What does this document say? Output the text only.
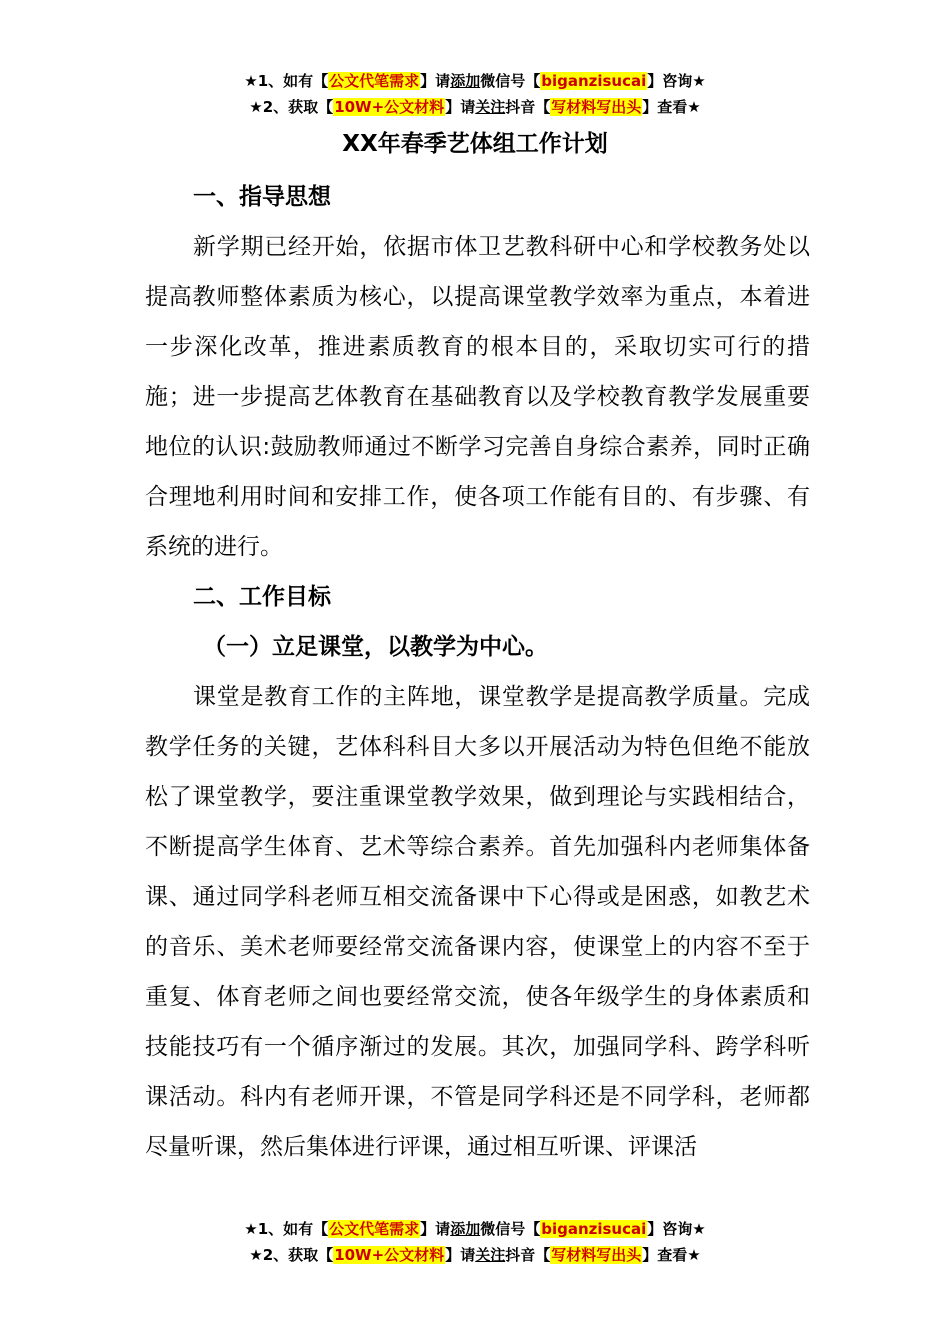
★1、如有【公文代笔需求】请添加微信号【biganzisucai】咨询★
★2、获取【10W+公文材料】请关注抖音【写材料写出头】查看★
XX年春季艺体组工作计划

一、指导思想

新学期已经开始，依据市体卫艺教科研中心和学校教务处以提高教师整体素质为核心，以提高课堂教学效率为重点，本着进一步深化改革，推进素质教育的根本目的，采取切实可行的措施；进一步提高艺体教育在基础教育以及学校教育教学发展重要地位的认识:鼓励教师通过不断学习完善自身综合素养，同时正确合理地利用时间和安排工作，使各项工作能有目的、有步骤、有系统的进行。

二、工作目标

（一）立足课堂，以教学为中心。

课堂是教育工作的主阵地，课堂教学是提高教学质量。完成教学任务的关键，艺体科科目大多以开展活动为特色但绝不能放松了课堂教学，要注重课堂教学效果，做到理论与实践相结合，不断提高学生体育、艺术等综合素养。首先加强科内老师集体备课、通过同学科老师互相交流备课中下心得或是困惑，如教艺术的音乐、美术老师要经常交流备课内容，使课堂上的内容不至于重复、体育老师之间也要经常交流，使各年级学生的身体素质和技能技巧有一个循序渐过的发展。其次，加强同学科、跨学科听课活动。科内有老师开课，不管是同学科还是不同学科，老师都尽量听课，然后集体进行评课，通过相互听课、评课活

★1、如有【公文代笔需求】请添加微信号【biganzisucai】咨询★
★2、获取【10W+公文材料】请关注抖音【写材料写出头】查看★
